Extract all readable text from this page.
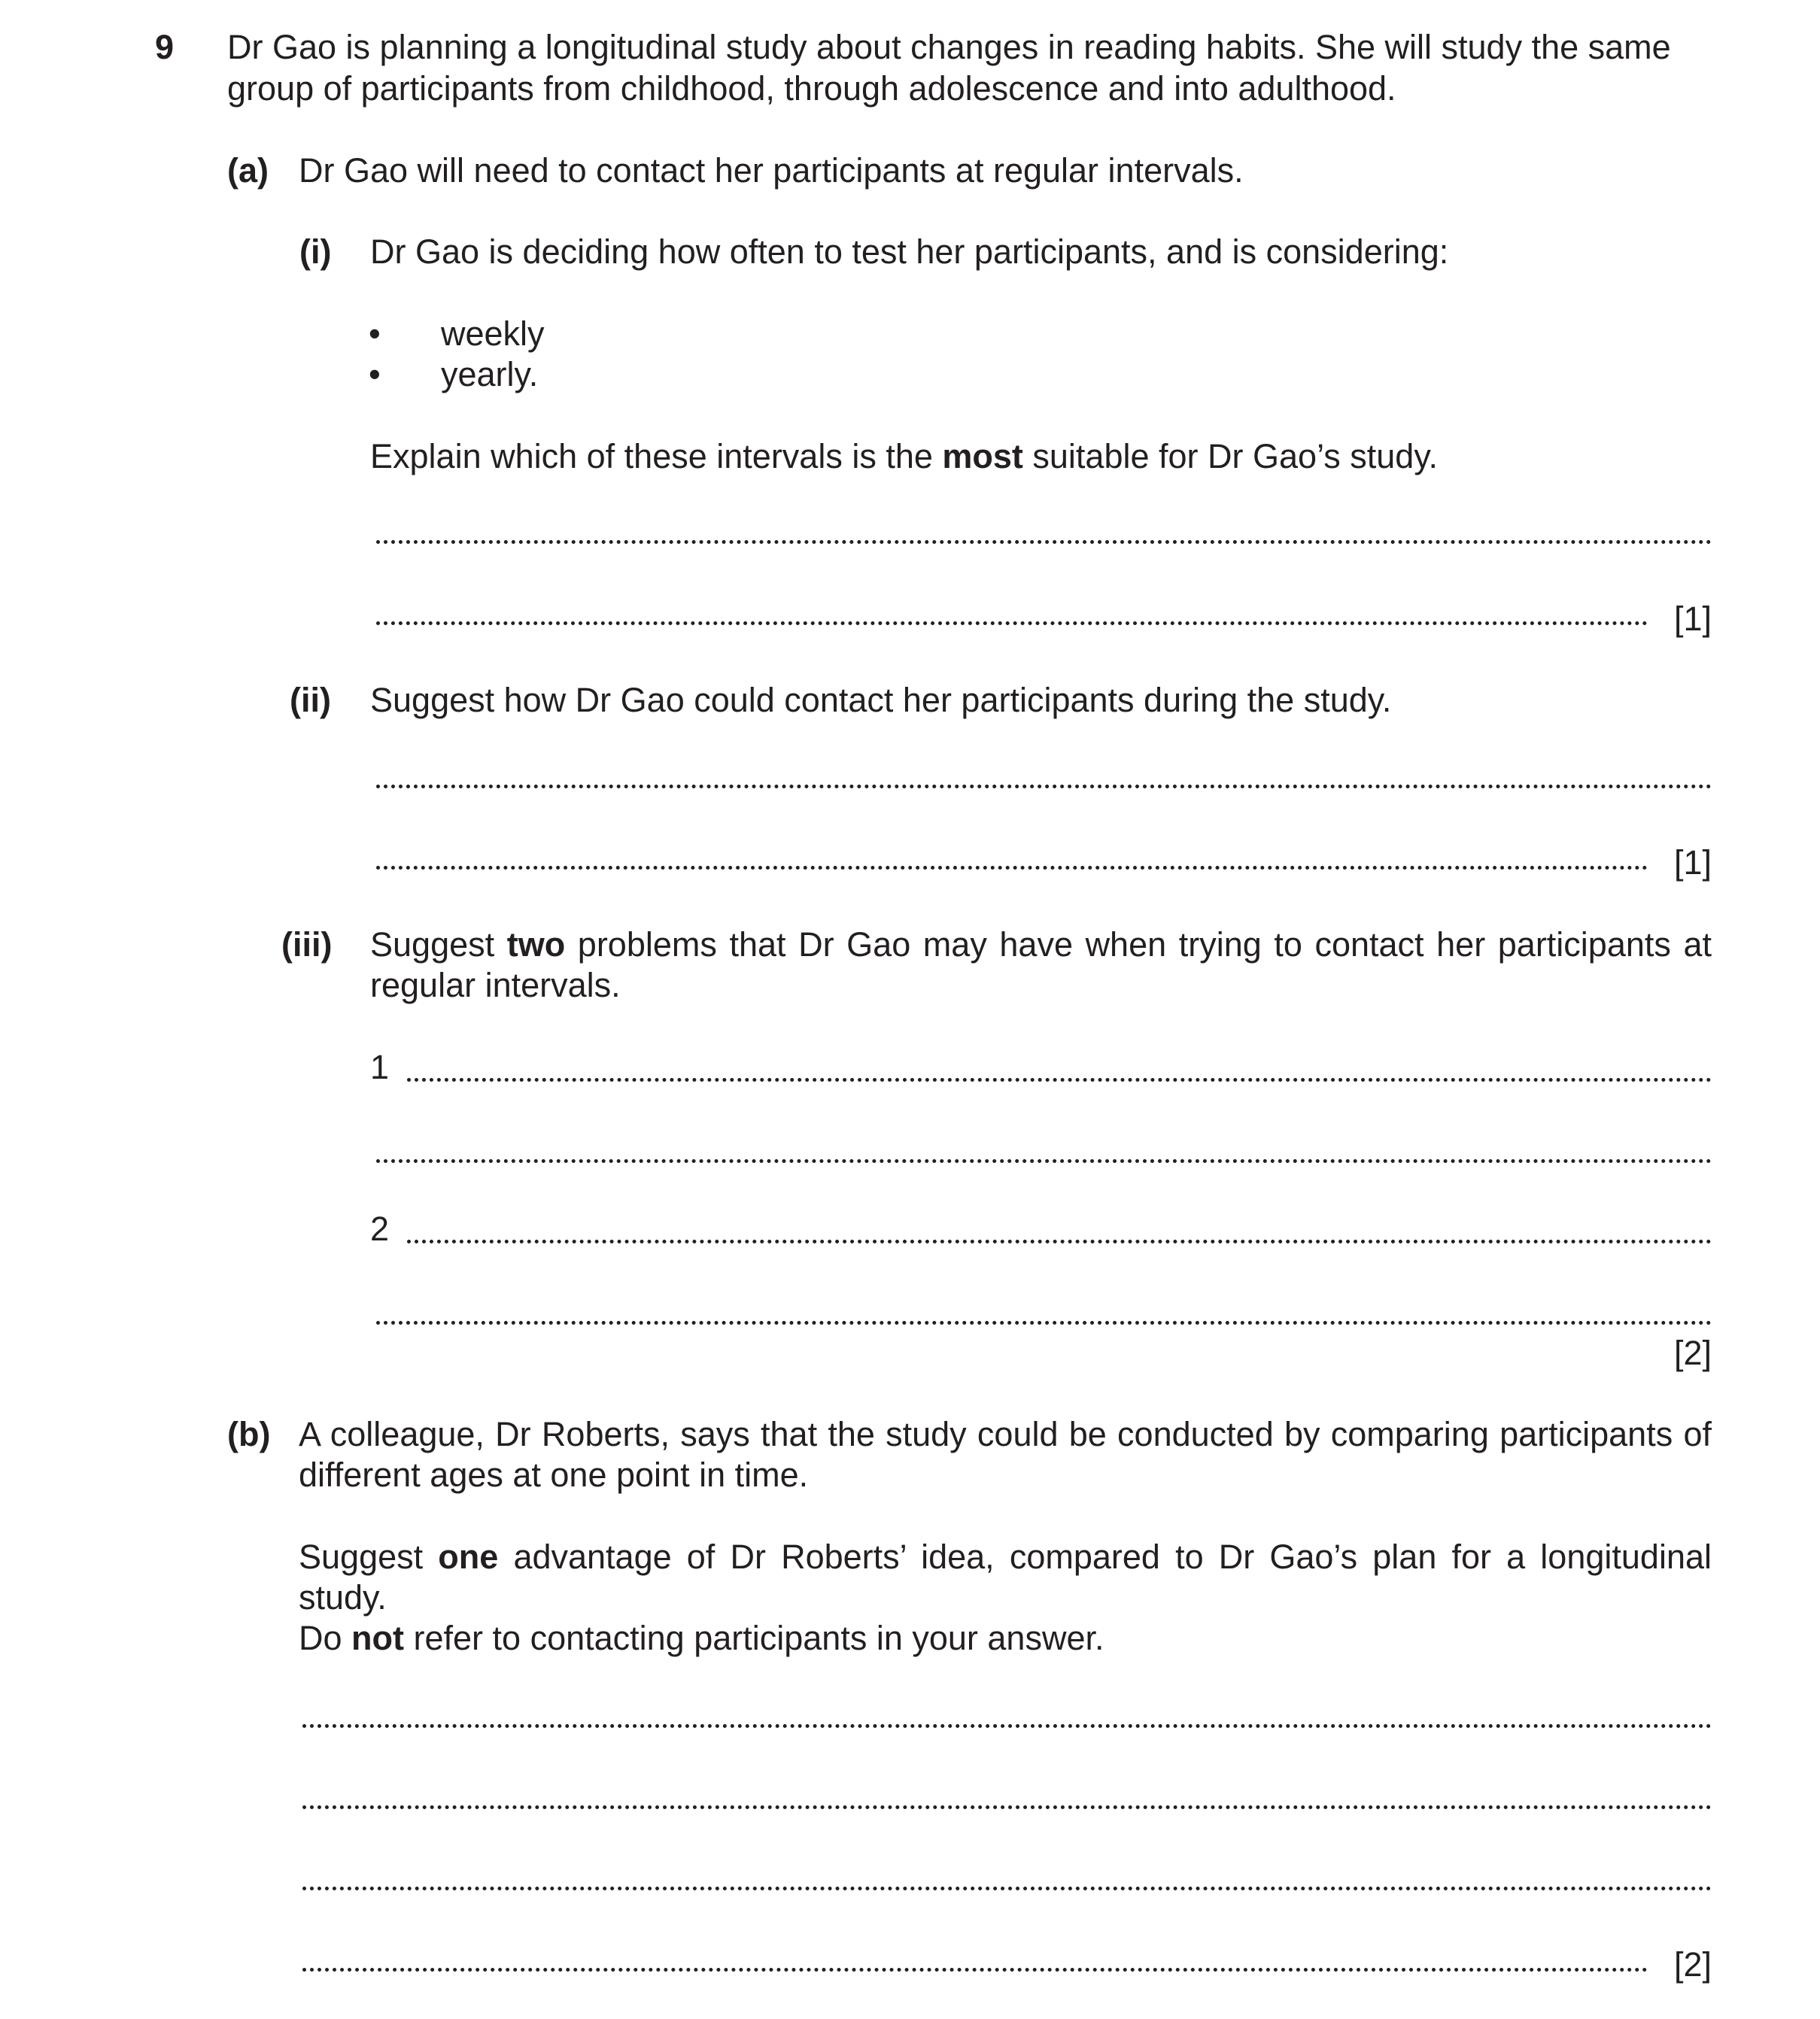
9 Dr Gao is planning a longitudinal study about changes in reading habits. She will study the same
group of participants from childhood, through adolescence and into adulthood.
(a) Dr Gao will need to contact her participants at regular intervals.
(i) Dr Gao is deciding how often to test her participants, and is considering:
• weekly
• yearly.
Explain which of these intervals is the most suitable for Dr Gao’s study.
[1]
(ii) Suggest how Dr Gao could contact her participants during the study.
[1]
(iii) Suggest two problems that Dr Gao may have when trying to contact her participants at
regular intervals.
1
2
[2]
(b) A colleague, Dr Roberts, says that the study could be conducted by comparing participants of
different ages at one point in time.
Suggest one advantage of Dr Roberts’ idea, compared to Dr Gao’s plan for a longitudinal
study.
Do not refer to contacting participants in your answer.
[2]
